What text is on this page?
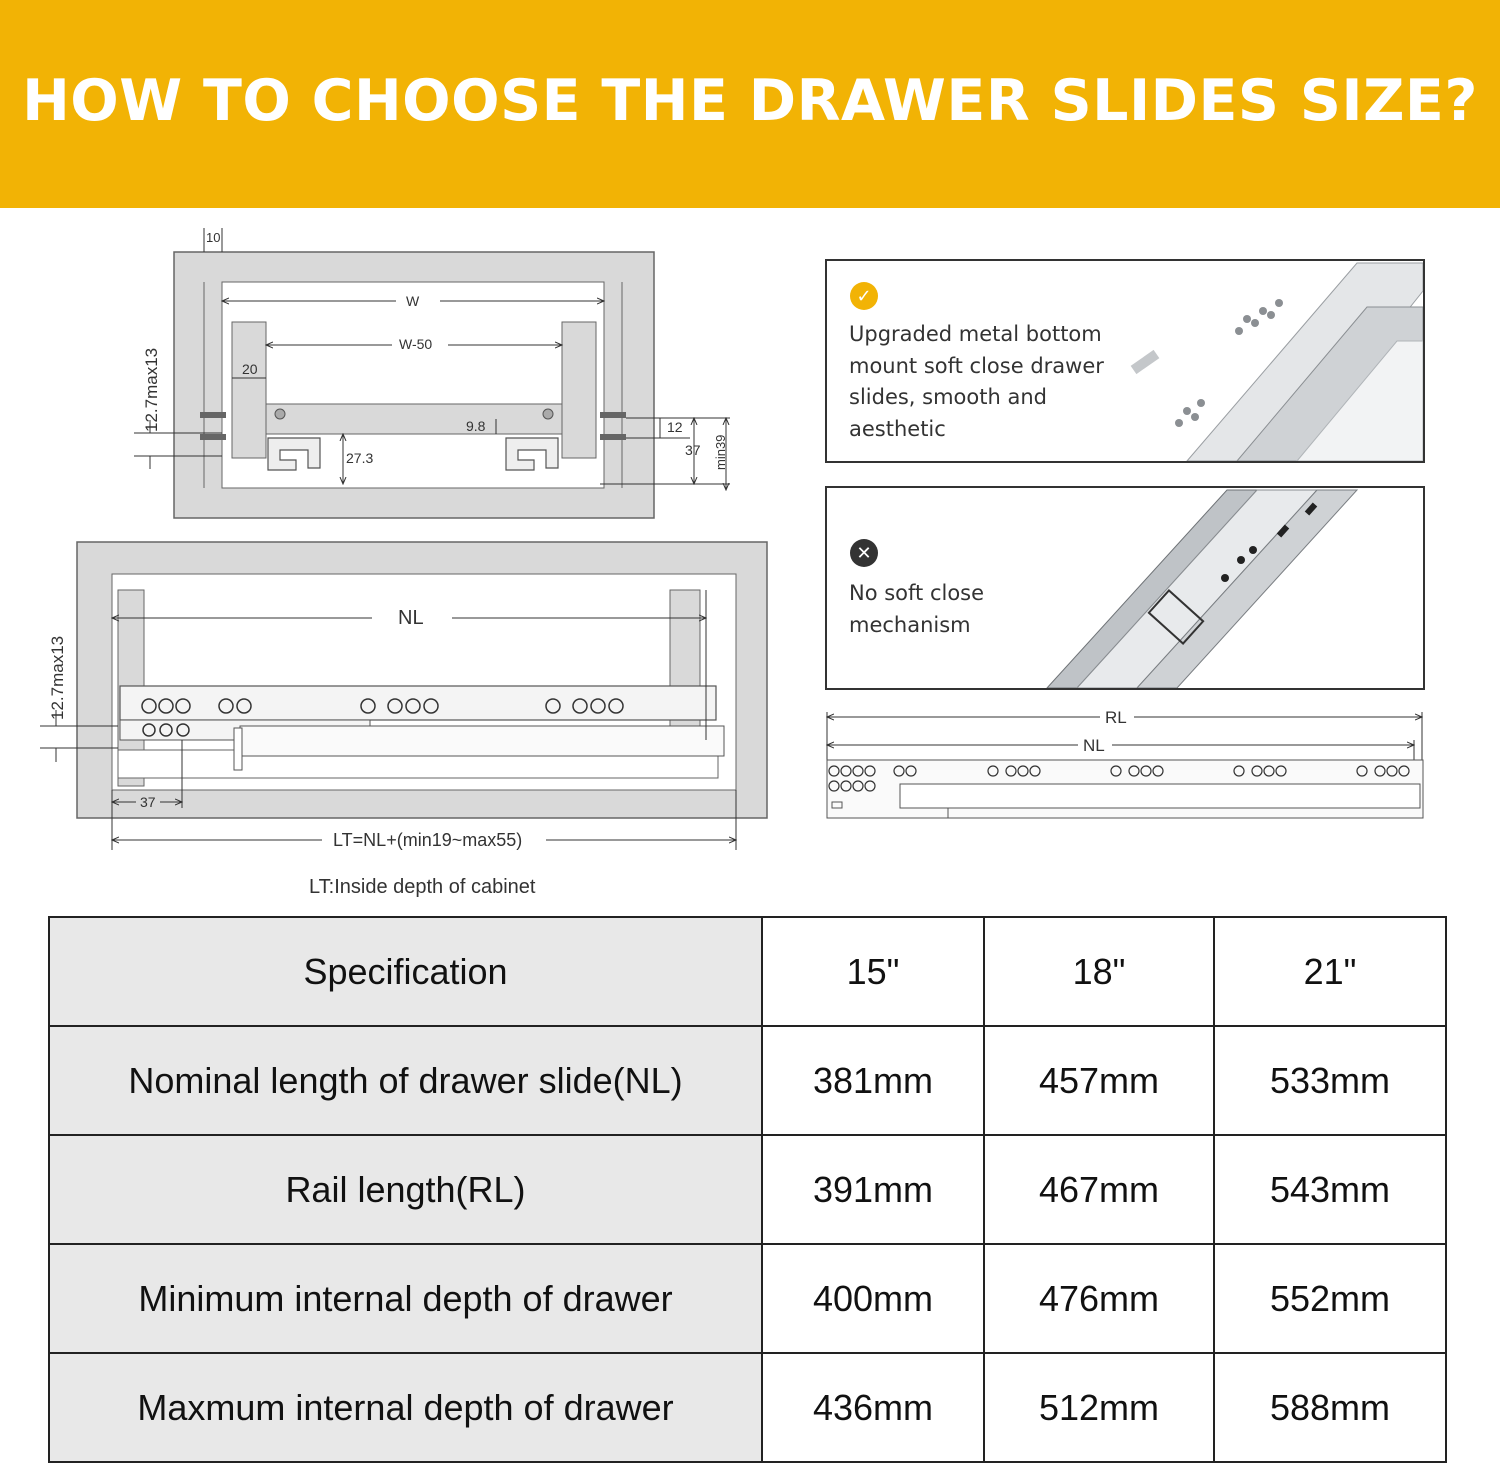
HOW TO CHOOSE THE DRAWER SLIDES SIZE?
10
W
W-50
20
12.7max13
27.3
9.8	12
37 min39
NL
12.7max13
37
LT=NL+(min19~max55)
LT:Inside depth of cabinet
✓
Upgraded metal bottom
mount soft close drawer
slides, smooth and
aesthetic
✕
No soft close
mechanism
RL
NL
Specification	15"	18"	21"
Nominal length of drawer slide(NL)	381mm	457mm	533mm
Rail length(RL)	391mm	467mm	543mm
Minimum internal depth of drawer	400mm	476mm	552mm
Maxmum internal depth of drawer	436mm	512mm	588mm
